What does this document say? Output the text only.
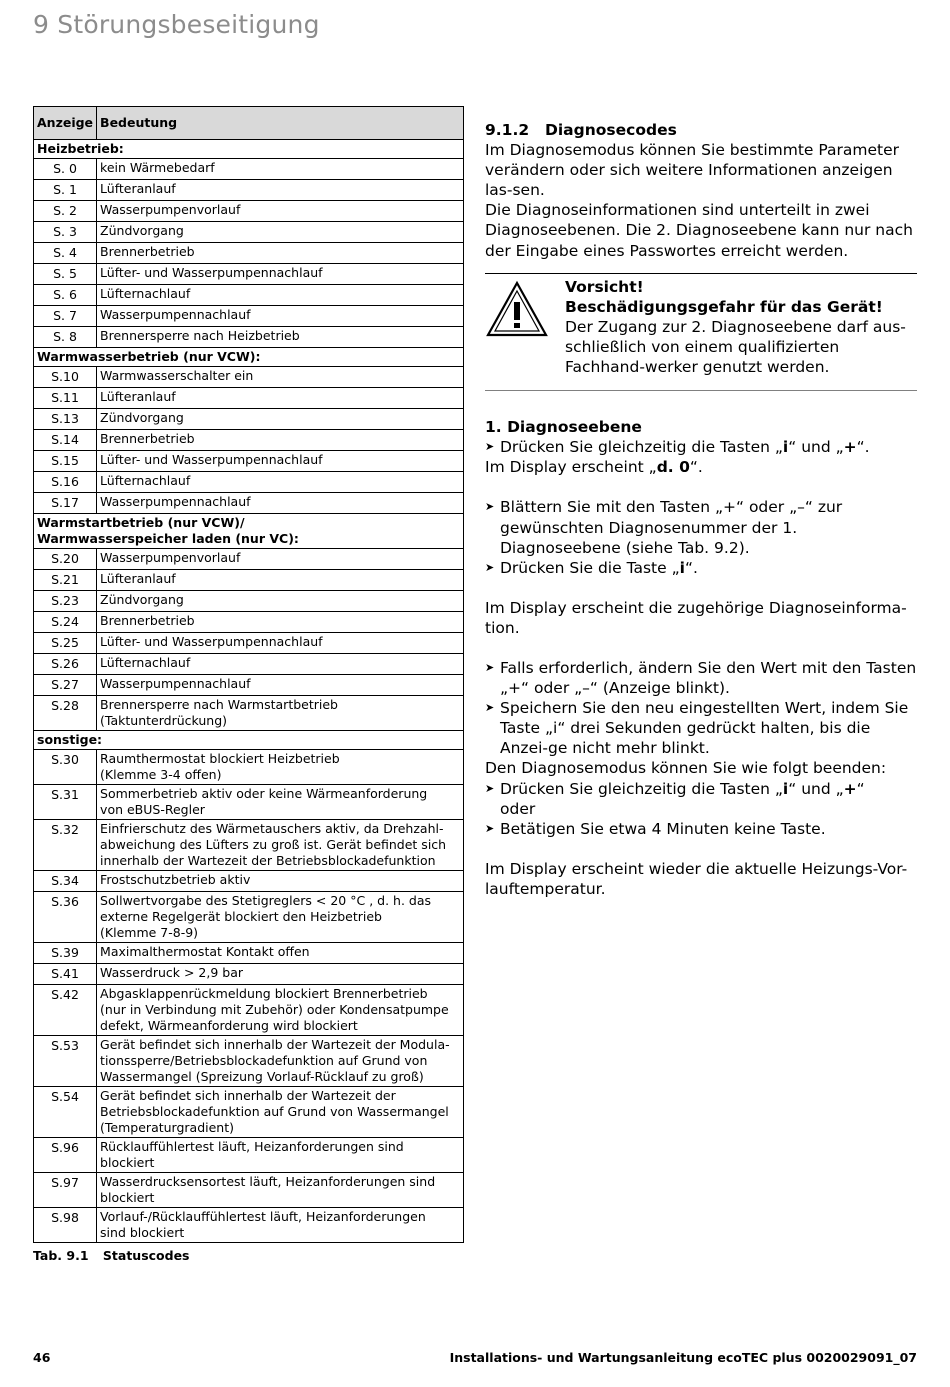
9 Störungsbeseitigung
Anzeige	Bedeutung
Heizbetrieb:	
S. 0	kein Wärmebedarf
S. 1	Lüfteranlauf
S. 2	Wasserpumpenvorlauf
S. 3	Zündvorgang
S. 4	Brennerbetrieb
S. 5	Lüfter- und Wasserpumpennachlauf
S. 6	Lüfternachlauf
S. 7	Wasserpumpennachlauf
S. 8	Brennersperre nach Heizbetrieb
Warmwasserbetrieb (nur VCW):	
S.10	Warmwasserschalter ein
S.11	Lüfteranlauf
S.13	Zündvorgang
S.14	Brennerbetrieb
S.15	Lüfter- und Wasserpumpennachlauf
S.16	Lüfternachlauf
S.17	Wasserpumpennachlauf
Warmstartbetrieb (nur VCW)/
Warmwasserspeicher laden (nur VC):	
S.20	Wasserpumpenvorlauf
S.21	Lüfteranlauf
S.23	Zündvorgang
S.24	Brennerbetrieb
S.25	Lüfter- und Wasserpumpennachlauf
S.26	Lüfternachlauf
S.27	Wasserpumpennachlauf
S.28	Brennersperre nach Warmstartbetrieb
(Taktunterdrückung)
sonstige:	
S.30	Raumthermostat blockiert Heizbetrieb
(Klemme 3-4 offen)
S.31	Sommerbetrieb aktiv oder keine Wärmeanforderung
von eBUS-Regler
S.32	Einfrierschutz des Wärmetauschers aktiv, da Drehzahl-
abweichung des Lüfters zu groß ist. Gerät befindet sich
innerhalb der Wartezeit der Betriebsblockadefunktion
S.34	Frostschutzbetrieb aktiv
S.36	Sollwertvorgabe des Stetigreglers < 20 °C , d. h. das
externe Regelgerät blockiert den Heizbetrieb
(Klemme 7-8-9)
S.39	Maximalthermostat Kontakt offen
S.41	Wasserdruck > 2,9 bar
S.42	Abgasklappenrückmeldung blockiert Brennerbetrieb
(nur in Verbindung mit Zubehör) oder Kondensatpumpe
defekt, Wärmeanforderung wird blockiert
S.53	Gerät befindet sich innerhalb der Wartezeit der Modula-
tionssperre/Betriebsblockadefunktion auf Grund von
Wassermangel (Spreizung Vorlauf-Rücklauf zu groß)
S.54	Gerät befindet sich innerhalb der Wartezeit der
Betriebsblockadefunktion auf Grund von Wassermangel
(Temperaturgradient)
S.96	Rücklauffühlertest läuft, Heizanforderungen sind
blockiert
S.97	Wasserdrucksensortest läuft, Heizanforderungen sind
blockiert
S.98	Vorlauf-/Rücklauffühlertest läuft, Heizanforderungen
sind blockiert
Tab. 9.1 Statuscodes
9.1.2 Diagnosecodes

Im Diagnosemodus können Sie bestimmte Parameter verändern oder sich weitere Informationen anzeigen las-sen.

Die Diagnoseinformationen sind unterteilt in zwei Diagnoseebenen. Die 2. Diagnoseebene kann nur nach der Eingabe eines Passwortes erreicht werden.

Vorsicht!
Beschädigungsgefahr für das Gerät!
Der Zugang zur 2. Diagnoseebene darf aus-schließlich von einem qualifizierten Fachhand-werker genutzt werden.
1. Diagnoseebene
➤ Drücken Sie gleichzeitig die Tasten „i“ und „+“.

Im Display erscheint „d. 0“.

➤ Blättern Sie mit den Tasten „+“ oder „–“ zur gewünschten Diagnosenummer der 1. Diagnoseebene (siehe Tab. 9.2).
➤ Drücken Sie die Taste „i“.

Im Display erscheint die zugehörige Diagnoseinforma-tion.

➤ Falls erforderlich, ändern Sie den Wert mit den Tasten „+“ oder „–“ (Anzeige blinkt).
➤ Speichern Sie den neu eingestellten Wert, indem Sie Taste „i“ drei Sekunden gedrückt halten, bis die Anzei-ge nicht mehr blinkt.

Den Diagnosemodus können Sie wie folgt beenden:

➤ Drücken Sie gleichzeitig die Tasten „i“ und „+“
oder
➤ Betätigen Sie etwa 4 Minuten keine Taste.

Im Display erscheint wieder die aktuelle Heizungs-Vor-lauftemperatur.

46	Installations- und Wartungsanleitung ecoTEC plus 0020029091_07
